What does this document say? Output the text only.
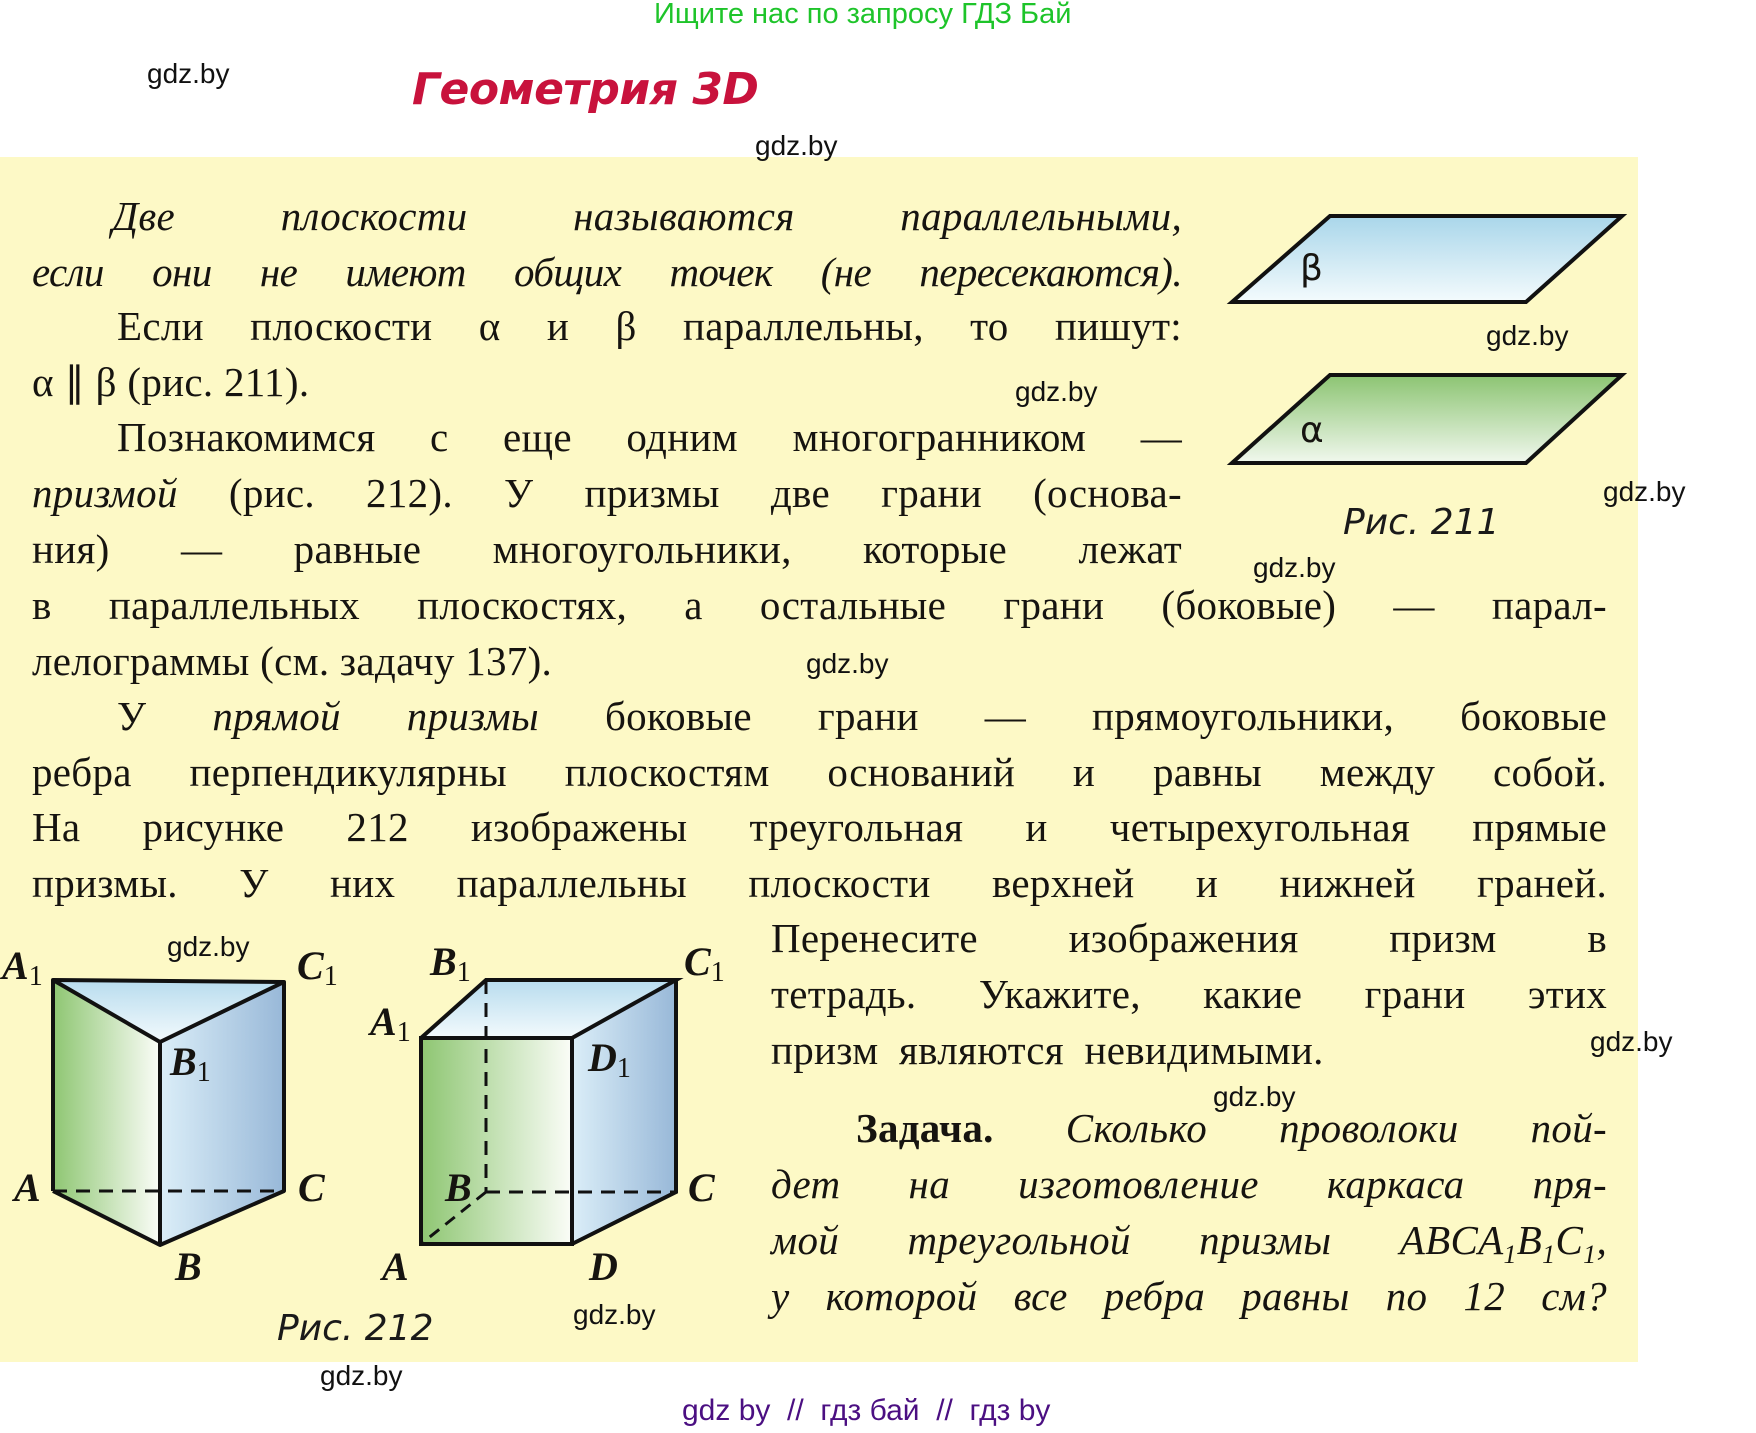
Ищите нас по запросу ГДЗ Бай
Геометрия 3D
gdz.by
gdz.by
gdz.by
gdz.by
gdz.by
gdz.by
gdz.by
gdz.by
gdz.by
gdz.by
gdz.by
gdz.by
Две плоскости называются параллельными,
если они не имеют общих точек (не пересекаются).
Если плоскости α и β параллельны, то пишут:
α ∥ β (рис. 211).
Познакомимся с еще одним многогранником —
призмой (рис. 212). У призмы две грани (основа-
ния) — равные многоугольники, которые лежат
в параллельных плоскостях, а остальные грани (боковые) — парал-
лелограммы (см. задачу 137).
У прямой призмы боковые грани — прямоугольники, боковые
ребра перпендикулярны плоскостям оснований и равны между собой.
На рисунке 212 изображены треугольная и четырехугольная прямые
призмы. У них параллельны плоскости верхней и нижней граней.
Перенесите изображения призм в
тетрадь. Укажите, какие грани этих
призм являются невидимыми.
Задача. Сколько проволоки пой-
дет на изготовление каркаса пря-
мой треугольной призмы $ABCA_1B_1C_1$,
у которой все ребра равны по 12 см?
β
α
Рис. 211
Рис. 212
$A_1$	$C_1$
$B_1$
A	C
B
$B_1$	$C_1$
$A_1$
$D_1$
B	C
A	D
gdz by  //  гдз бай  //  гдз by
